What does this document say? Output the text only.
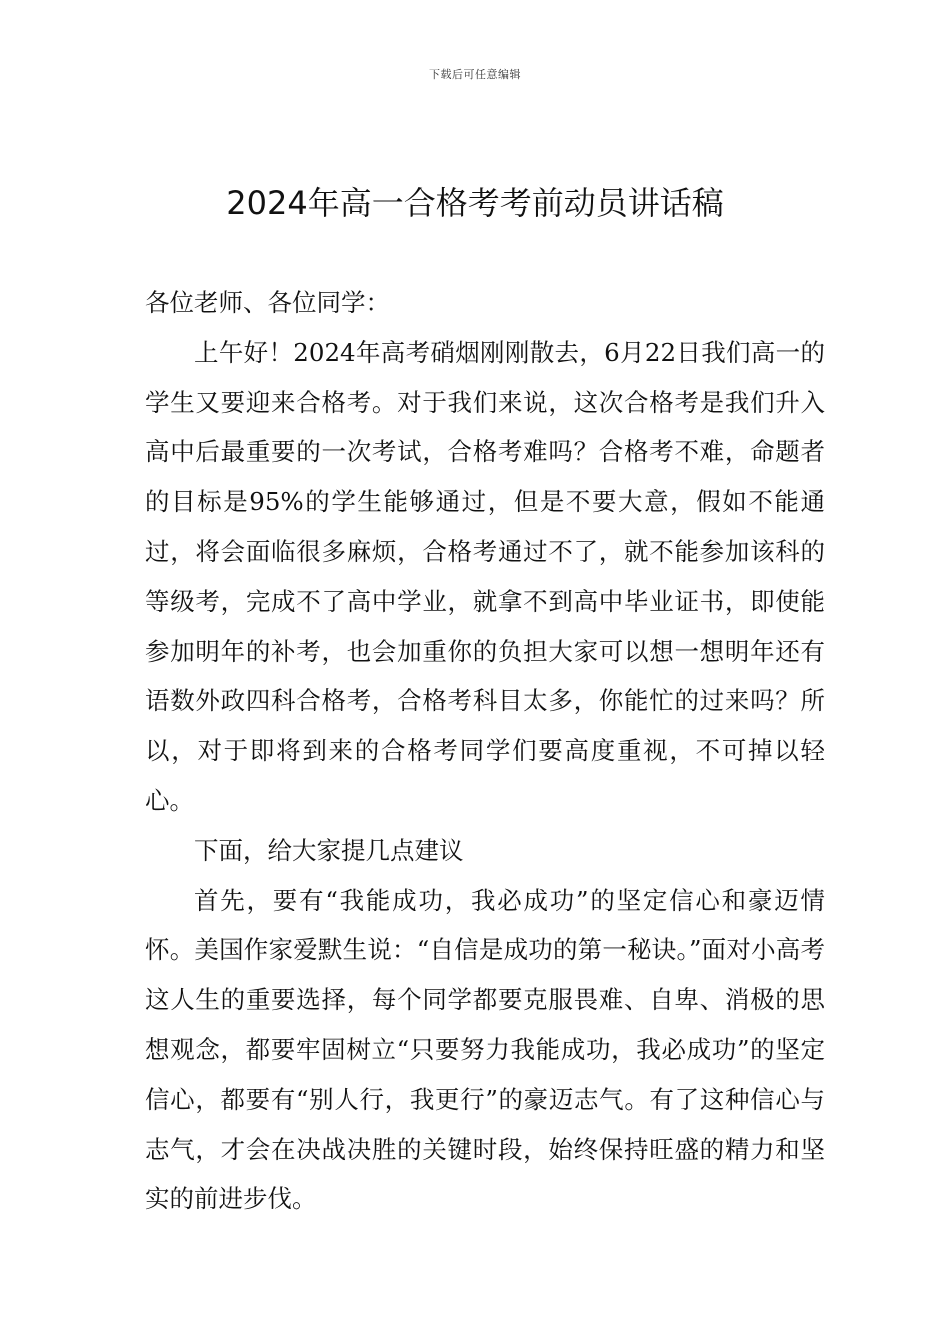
下载后可任意编辑
2024年高一合格考考前动员讲话稿

各位老师、各位同学：

上午好！2024年高考硝烟刚刚散去，6月22日我们高一的学生又要迎来合格考。对于我们来说，这次合格考是我们升入高中后最重要的一次考试，合格考难吗？合格考不难，命题者的目标是95%的学生能够通过，但是不要大意，假如不能通过，将会面临很多麻烦，合格考通过不了，就不能参加该科的等级考，完成不了高中学业，就拿不到高中毕业证书，即使能参加明年的补考，也会加重你的负担大家可以想一想明年还有语数外政四科合格考，合格考科目太多，你能忙的过来吗？所以，对于即将到来的合格考同学们要高度重视，不可掉以轻心。

下面，给大家提几点建议

首先，要有“我能成功，我必成功”的坚定信心和豪迈情怀。美国作家爱默生说：“自信是成功的第一秘诀。”面对小高考这人生的重要选择，每个同学都要克服畏难、自卑、消极的思想观念，都要牢固树立“只要努力我能成功，我必成功”的坚定信心，都要有“别人行，我更行”的豪迈志气。有了这种信心与志气，才会在决战决胜的关键时段，始终保持旺盛的精力和坚实的前进步伐。
